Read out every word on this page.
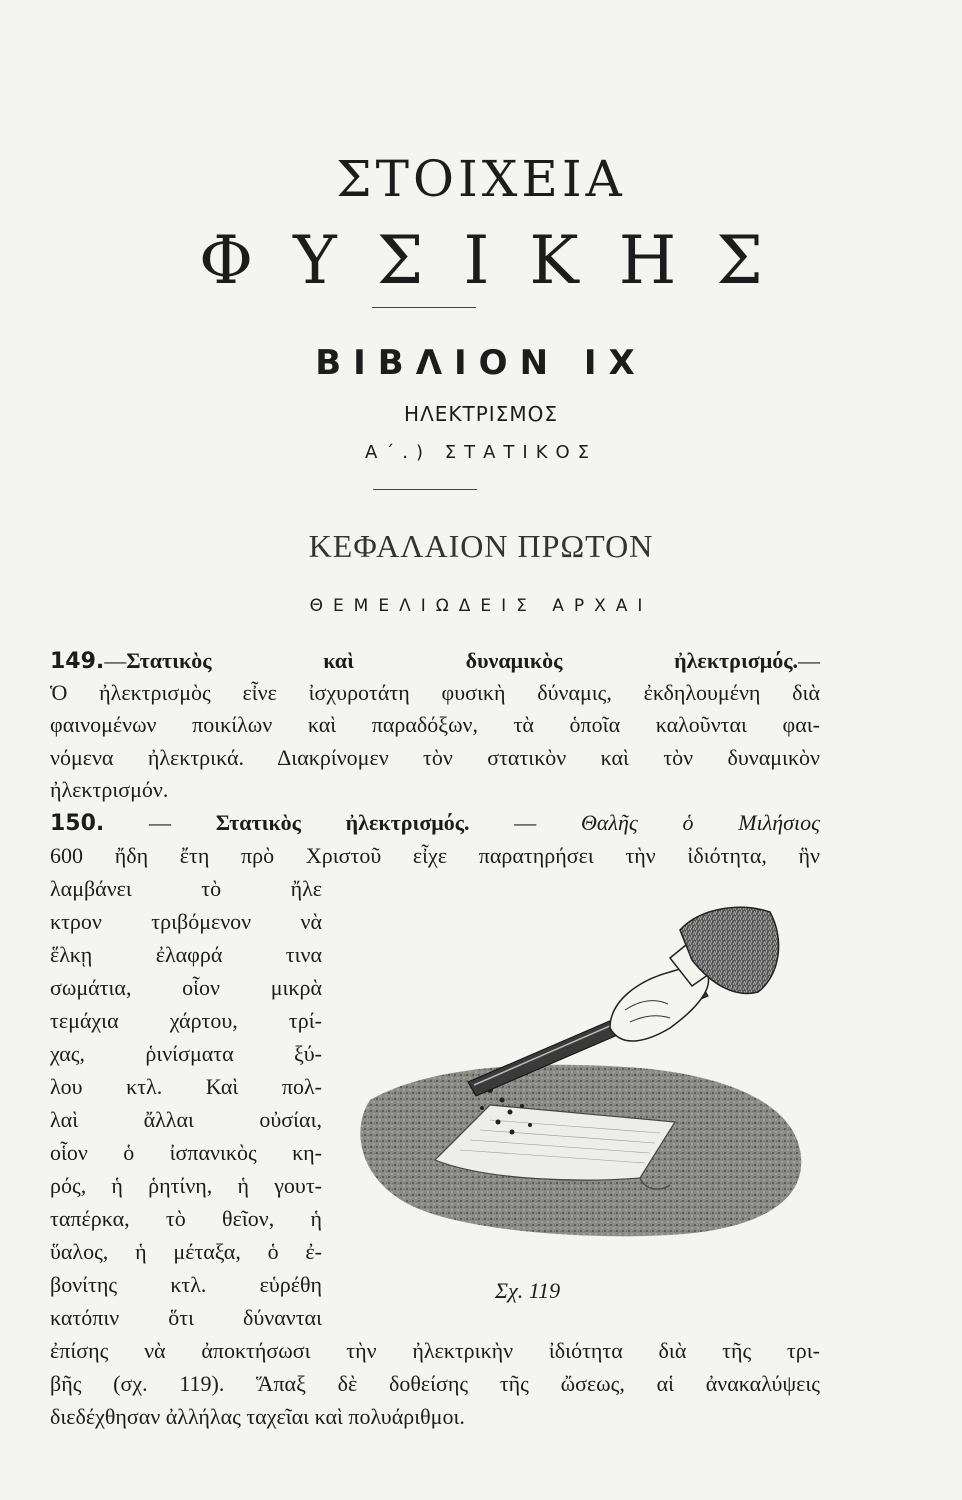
ΣΤΟΙΧΕΙΑ
ΦΥΣΙΚΗΣ
ΒΙΒΛΙΟΝ IX
ΗΛΕΚΤΡΙΣΜΟΣ
Α΄.) ΣΤΑΤΙΚΟΣ
ΚΕΦΑΛΑΙΟΝ ΠΡΩΤΟΝ
ΘΕΜΕΛΙΩΔΕΙΣ ΑΡΧΑΙ
149.—Στατικὸς καὶ δυναμικὸς ἠλεκτρισμός.—
Ὁ ἠλεκτρισμὸς εἶνε ἰσχυροτάτη φυσικὴ δύναμις, ἐκδηλουμένη διὰ
φαινομένων ποικίλων καὶ παραδόξων, τὰ ὁποῖα καλοῦνται φαι-
νόμενα ἠλεκτρικά. Διακρίνομεν τὸν στατικὸν καὶ τὸν δυναμικὸν
ἠλεκτρισμόν.
150. — Στατικὸς ἠλεκτρισμός. — Θαλῆς ὁ Μιλήσιος
600 ἤδη ἔτη πρὸ Χριστοῦ εἶχε παρατηρήσει τὴν ἰδιότητα, ἣν
λαμβάνει τὸ ἤλε
κτρον τριβόμενον νὰ
ἕλκῃ ἐλαφρά τινα
σωμάτια, οἷον μικρὰ
τεμάχια χάρτου, τρί-
χας, ῥινίσματα ξύ-
λου κτλ. Καὶ πολ-
λαὶ ἄλλαι οὐσίαι,
οἷον ὁ ἰσπανικὸς κη-
ρός, ἡ ῥητίνη, ἡ γουτ-
ταπέρκα, τὸ θεῖον, ἡ
ὕαλος, ἡ μέταξα, ὁ ἐ-
βονίτης κτλ. εὑρέθη
κατόπιν ὅτι δύνανται
ἐπίσης νὰ ἀποκτήσωσι τὴν ἠλεκτρικὴν ἰδιότητα διὰ τῆς τρι-
βῆς (σχ. 119). Ἅπαξ δὲ δοθείσης τῆς ὤσεως, αἱ ἀνακαλύψεις
διεδέχθησαν ἀλλήλας ταχεῖαι καὶ πολυάριθμοι.
Σχ. 119
